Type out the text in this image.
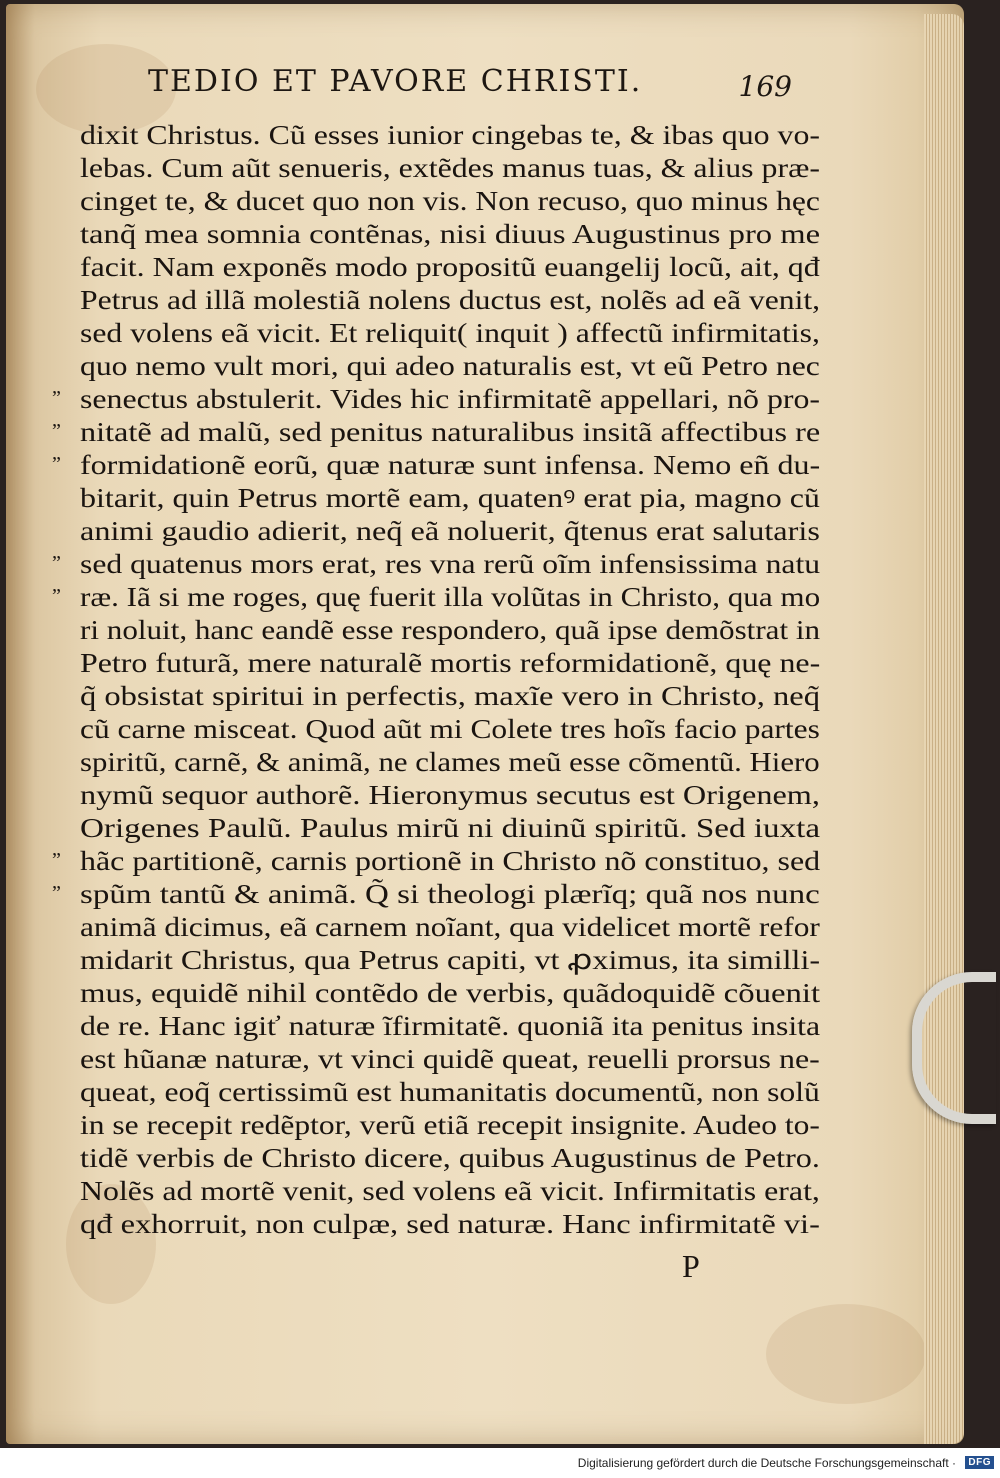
TEDIO ET PAVORE CHRISTI.	169
dixit Christus. Cũ esses iunior cingebas te, & ibas quo vo‐
lebas. Cum aũt senueris, extẽdes manus tuas, & alius præ‐
cinget te, & ducet quo non vis. Non recuso, quo minus hęc
tanq̃ mea somnia contẽnas, nisi diuus Augustinus pro me
facit. Nam exponẽs modo propositũ euangelij locũ, ait, qđ
Petrus ad illã molestiã nolens ductus est, nolẽs ad eã venit,
sed volens eã vicit. Et reliquit( inquit ) affectũ infirmitatis,
quo nemo vult mori, qui adeo naturalis est, vt eũ Petro nec
” senectus abstulerit. Vides hic infirmitatẽ appellari, nõ pro‐
” nitatẽ ad malũ, sed penitus naturalibus insitã affectibus re
” formidationẽ eorũ, quæ naturæ sunt infensa. Nemo eñ du‐
bitarit, quin Petrus mortẽ eam, quatenꝰ erat pia, magno cũ
animi gaudio adierit, neq̃ eã noluerit, q̃tenus erat salutaris
” sed quatenus mors erat, res vna rerũ oĩm infensissima natu
” ræ. Iã si me roges, quę fuerit illa volũtas in Christo, qua mo
ri noluit, hanc eandẽ esse respondero, quã ipse demõstrat in
Petro futurã, mere naturalẽ mortis reformidationẽ, quę ne‐
q̃ obsistat spiritui in perfectis, maxĩe vero in Christo, neq̃
cũ carne misceat. Quod aũt mi Colete tres hoĩs facio partes
spiritũ, carnẽ, & animã, ne clames meũ esse cõmentũ. Hiero
nymũ sequor authorẽ. Hieronymus secutus est Origenem,
Origenes Paulũ. Paulus mirũ ni diuinũ spiritũ. Sed iuxta
” hãc partitionẽ, carnis portionẽ in Christo nõ constituo, sed
” spũm tantũ & animã. Q̃ si theologi plærĩq; quã nos nunc
animã dicimus, eã carnem noĩant, qua videlicet mortẽ refor
midarit Christus, qua Petrus capiti, vt ꝓximus, ita similli‐
mus, equidẽ nihil contẽdo de verbis, quãdoquidẽ cõuenit
de re. Hanc igiť naturæ ĩfirmitatẽ. quoniã ita penitus insita
est hũanæ naturæ, vt vinci quidẽ queat, reuelli prorsus ne‐
queat, eoq̃ certissimũ est humanitatis documentũ, non solũ
in se recepit redẽptor, verũ etiã recepit insignite. Audeo to‐
tidẽ verbis de Christo dicere, quibus Augustinus de Petro.
Nolẽs ad mortẽ venit, sed volens eã vicit. Infirmitatis erat,
qđ exhorruit, non culpæ, sed naturæ. Hanc infirmitatẽ vi‐
P
Digitalisierung gefördert durch die Deutsche Forschungsgemeinschaft ·	DFG
